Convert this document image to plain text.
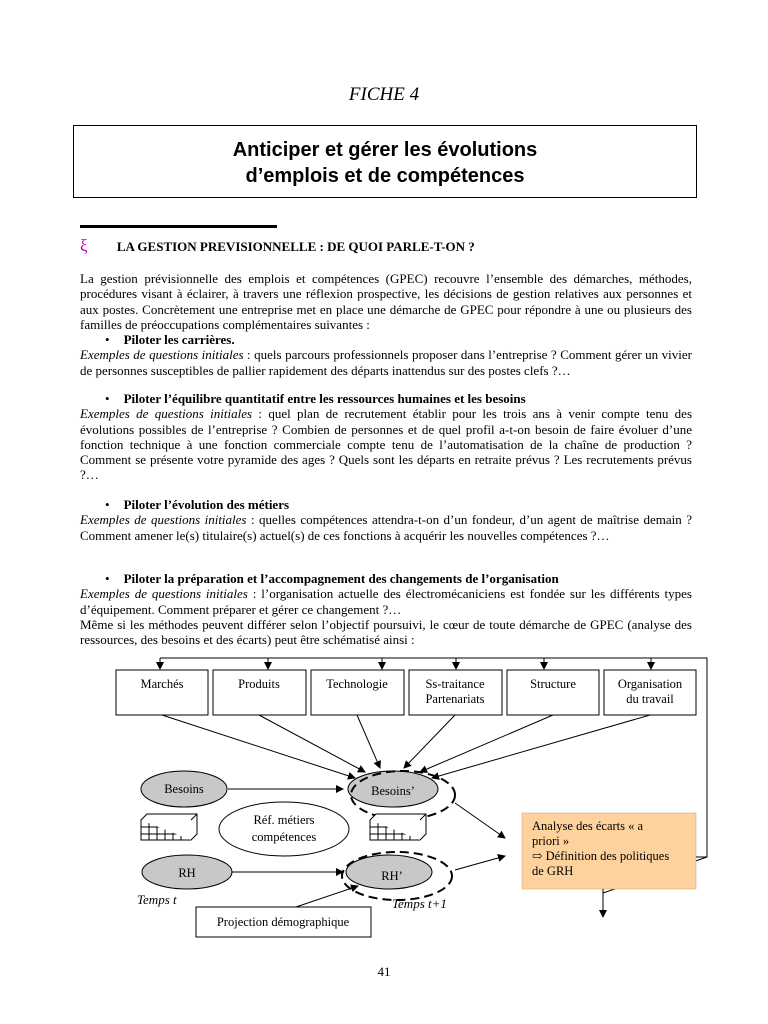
FICHE 4
Anticiper et gérer les évolutions
d’emplois et de compétences
ξ LA GESTION PREVISIONNELLE : DE QUOI PARLE-T-ON ?

La gestion prévisionnelle des emplois et compétences (GPEC) recouvre l’ensemble des démarches, méthodes, procédures visant à éclairer, à travers une réflexion prospective, les décisions de gestion relatives aux personnes et aux postes. Concrètement une entreprise met en place une démarche de GPEC pour répondre à une ou plusieurs des familles de préoccupations complémentaires suivantes :

• Piloter les carrières.

Exemples de questions initiales : quels parcours professionnels proposer dans l’entreprise ? Comment gérer un vivier de personnes susceptibles de pallier rapidement des départs inattendus sur des postes clefs ?…

• Piloter l’équilibre quantitatif entre les ressources humaines et les besoins

Exemples de questions initiales : quel plan de recrutement établir pour les trois ans à venir compte tenu des évolutions possibles de l’entreprise ? Combien de personnes et de quel profil a-t-on besoin de faire évoluer d’une fonction technique à une fonction commerciale compte tenu de l’automatisation de la chaîne de production ? Comment se présente votre pyramide des ages ? Quels sont les départs en retraite prévus ? Les recrutements prévus ?…

• Piloter l’évolution des métiers

Exemples de questions initiales : quelles compétences attendra-t-on d’un fondeur, d’un agent de maîtrise demain ? Comment amener le(s) titulaire(s) actuel(s) de ces fonctions à acquérir les nouvelles compétences ?…

• Piloter la préparation et l’accompagnement des changements de l’organisation

Exemples de questions initiales : l’organisation actuelle des électromécaniciens est fondée sur les différents types d’équipement. Comment préparer et gérer ce changement ?…

Même si les méthodes peuvent différer selon l’objectif poursuivi, le cœur de toute démarche de GPEC (analyse des ressources, des besoins et des écarts) peut être schématisé ainsi :

Marchés	Produits	Technologie	Ss-traitance
Partenariats
Structure	Organisation
du travail
Besoins	Besoins’
Réf. métiers
compétences
RH	RH’
Temps t	Temps t+1
Projection démographique
Analyse des écarts « a
priori »
⇨ Définition des politiques
de GRH
41
